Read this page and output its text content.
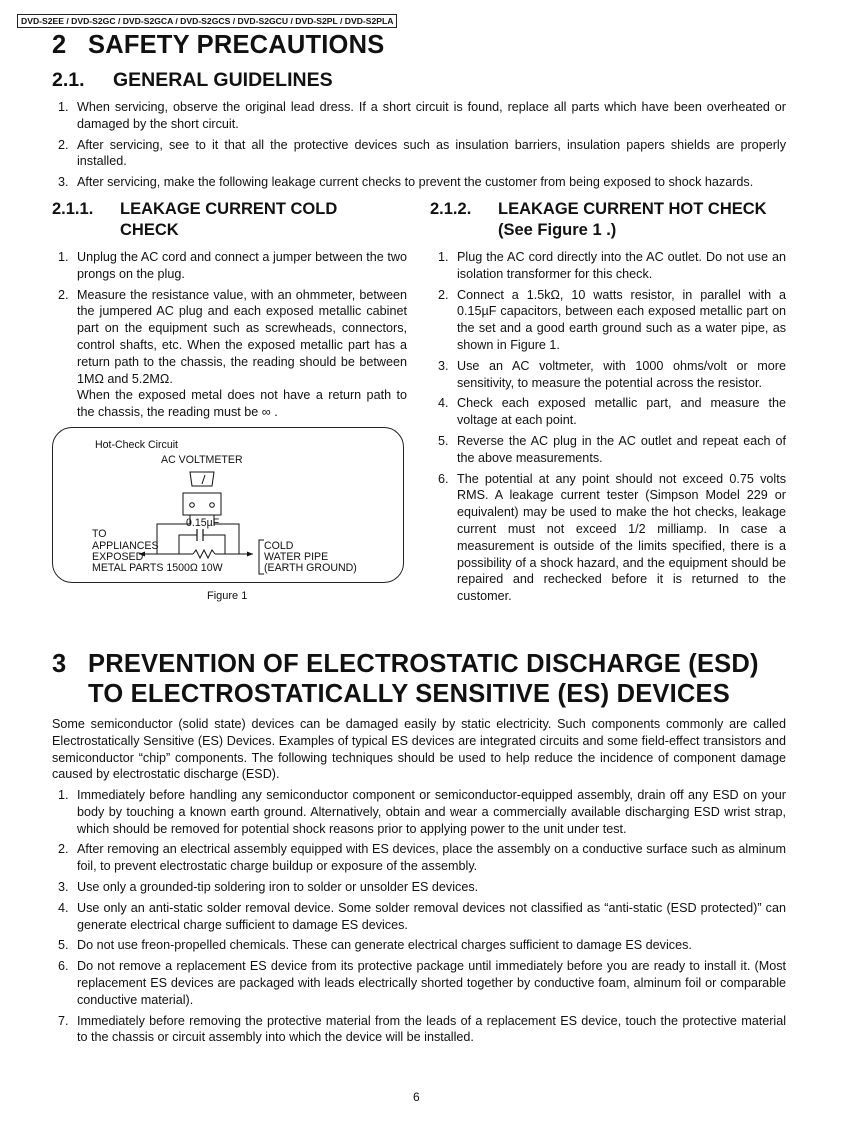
DVD-S2EE / DVD-S2GC / DVD-S2GCA / DVD-S2GCS / DVD-S2GCU / DVD-S2PL / DVD-S2PLA
2 SAFETY PRECAUTIONS
2.1. GENERAL GUIDELINES
1. When servicing, observe the original lead dress. If a short circuit is found, replace all parts which have been overheated or damaged by the short circuit.
2. After servicing, see to it that all the protective devices such as insulation barriers, insulation papers shields are properly installed.
3. After servicing, make the following leakage current checks to prevent the customer from being exposed to shock hazards.
2.1.1. LEAKAGE CURRENT COLD
CHECK
1. Unplug the AC cord and connect a jumper between the two prongs on the plug.
2. Measure the resistance value, with an ohmmeter, between the jumpered AC plug and each exposed metallic cabinet part on the equipment such as screwheads, connectors, control shafts, etc. When the exposed metallic part has a return path to the chassis, the reading should be between 1MΩ and 5.2MΩ.
When the exposed metal does not have a return path to the chassis, the reading must be ∞ .
Hot-Check Circuit
AC VOLTMETER
0.15µF
TO
APPLIANCES
EXPOSED
METAL PARTS 1500Ω 10W
COLD
WATER PIPE
(EARTH GROUND)
Figure 1
2.1.2. LEAKAGE CURRENT HOT CHECK
(See Figure 1 .)
1. Plug the AC cord directly into the AC outlet. Do not use an isolation transformer for this check.
2. Connect a 1.5kΩ, 10 watts resistor, in parallel with a 0.15µF capacitors, between each exposed metallic part on the set and a good earth ground such as a water pipe, as shown in Figure 1.
3. Use an AC voltmeter, with 1000 ohms/volt or more sensitivity, to measure the potential across the resistor.
4. Check each exposed metallic part, and measure the voltage at each point.
5. Reverse the AC plug in the AC outlet and repeat each of the above measurements.
6. The potential at any point should not exceed 0.75 volts RMS. A leakage current tester (Simpson Model 229 or equivalent) may be used to make the hot checks, leakage current must not exceed 1/2 milliamp. In case a measurement is outside of the limits specified, there is a possibility of a shock hazard, and the equipment should be repaired and rechecked before it is returned to the customer.
3 PREVENTION OF ELECTROSTATIC DISCHARGE (ESD)
TO ELECTROSTATICALLY SENSITIVE (ES) DEVICES

Some semiconductor (solid state) devices can be damaged easily by static electricity. Such components commonly are called Electrostatically Sensitive (ES) Devices. Examples of typical ES devices are integrated circuits and some field-effect transistors and semiconductor “chip” components. The following techniques should be used to help reduce the incidence of component damage caused by electrostatic discharge (ESD).

1. Immediately before handling any semiconductor component or semiconductor-equipped assembly, drain off any ESD on your body by touching a known earth ground. Alternatively, obtain and wear a commercially available discharging ESD wrist strap, which should be removed for potential shock reasons prior to applying power to the unit under test.
2. After removing an electrical assembly equipped with ES devices, place the assembly on a conductive surface such as alminum foil, to prevent electrostatic charge buildup or exposure of the assembly.
3. Use only a grounded-tip soldering iron to solder or unsolder ES devices.
4. Use only an anti-static solder removal device. Some solder removal devices not classified as “anti-static (ESD protected)” can generate electrical charge sufficient to damage ES devices.
5. Do not use freon-propelled chemicals. These can generate electrical charges sufficient to damage ES devices.
6. Do not remove a replacement ES device from its protective package until immediately before you are ready to install it. (Most replacement ES devices are packaged with leads electrically shorted together by conductive foam, alminum foil or comparable conductive material).
7. Immediately before removing the protective material from the leads of a replacement ES device, touch the protective material to the chassis or circuit assembly into which the device will be installed.
6
